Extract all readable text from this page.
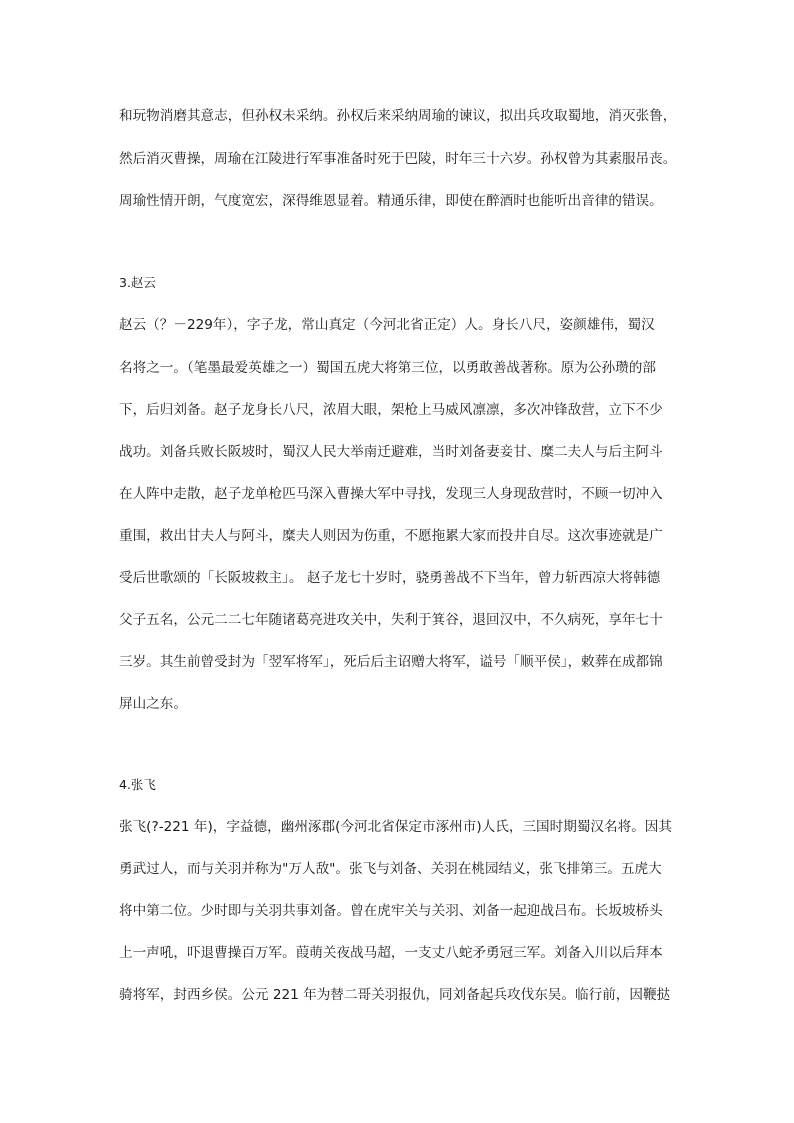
和玩物消磨其意志，但孙权未采纳。孙权后来采纳周瑜的谏议，拟出兵攻取蜀地，消灭张鲁，
然后消灭曹操，周瑜在江陵进行军事准备时死于巴陵，时年三十六岁。孙权曾为其素服吊丧。
周瑜性情开朗，气度宽宏，深得维恩显着。精通乐律，即使在醉酒时也能听出音律的错误。
3.赵云
赵云（？－229年），字子龙，常山真定（今河北省正定）人。身长八尺，姿颜雄伟，蜀汉
名将之一。（笔墨最爱英雄之一）蜀国五虎大将第三位，以勇敢善战著称。原为公孙瓒的部
下，后归刘备。赵子龙身长八尺，浓眉大眼，架枪上马威风凛凛，多次冲锋敌营，立下不少
战功。刘备兵败长阪坡时，蜀汉人民大举南迁避难，当时刘备妻妾甘、糜二夫人与后主阿斗
在人阵中走散，赵子龙单枪匹马深入曹操大军中寻找，发现三人身现敌营时，不顾一切冲入
重围，救出甘夫人与阿斗，糜夫人则因为伤重，不愿拖累大家而投井自尽。这次事迹就是广
受后世歌颂的「长阪坡救主」。 赵子龙七十岁时，骁勇善战不下当年，曾力斩西凉大将韩德
父子五名，公元二二七年随诸葛亮进攻关中，失利于箕谷，退回汉中，不久病死，享年七十
三岁。其生前曾受封为「翌军将军」，死后后主诏赠大将军，谥号「顺平侯」，敕葬在成都锦
屏山之东。
4.张飞
张飞(?-221 年)，字益德，幽州涿郡(今河北省保定市涿州市)人氏，三国时期蜀汉名将。因其
勇武过人，而与关羽并称为"万人敌"。张飞与刘备、关羽在桃园结义，张飞排第三。五虎大
将中第二位。少时即与关羽共事刘备。曾在虎牢关与关羽、刘备一起迎战吕布。长坂坡桥头
上一声吼，吓退曹操百万军。葭萌关夜战马超，一支丈八蛇矛勇冠三军。刘备入川以后拜本
骑将军，封西乡侯。公元 221 年为替二哥关羽报仇，同刘备起兵攻伐东吴。临行前，因鞭挞
